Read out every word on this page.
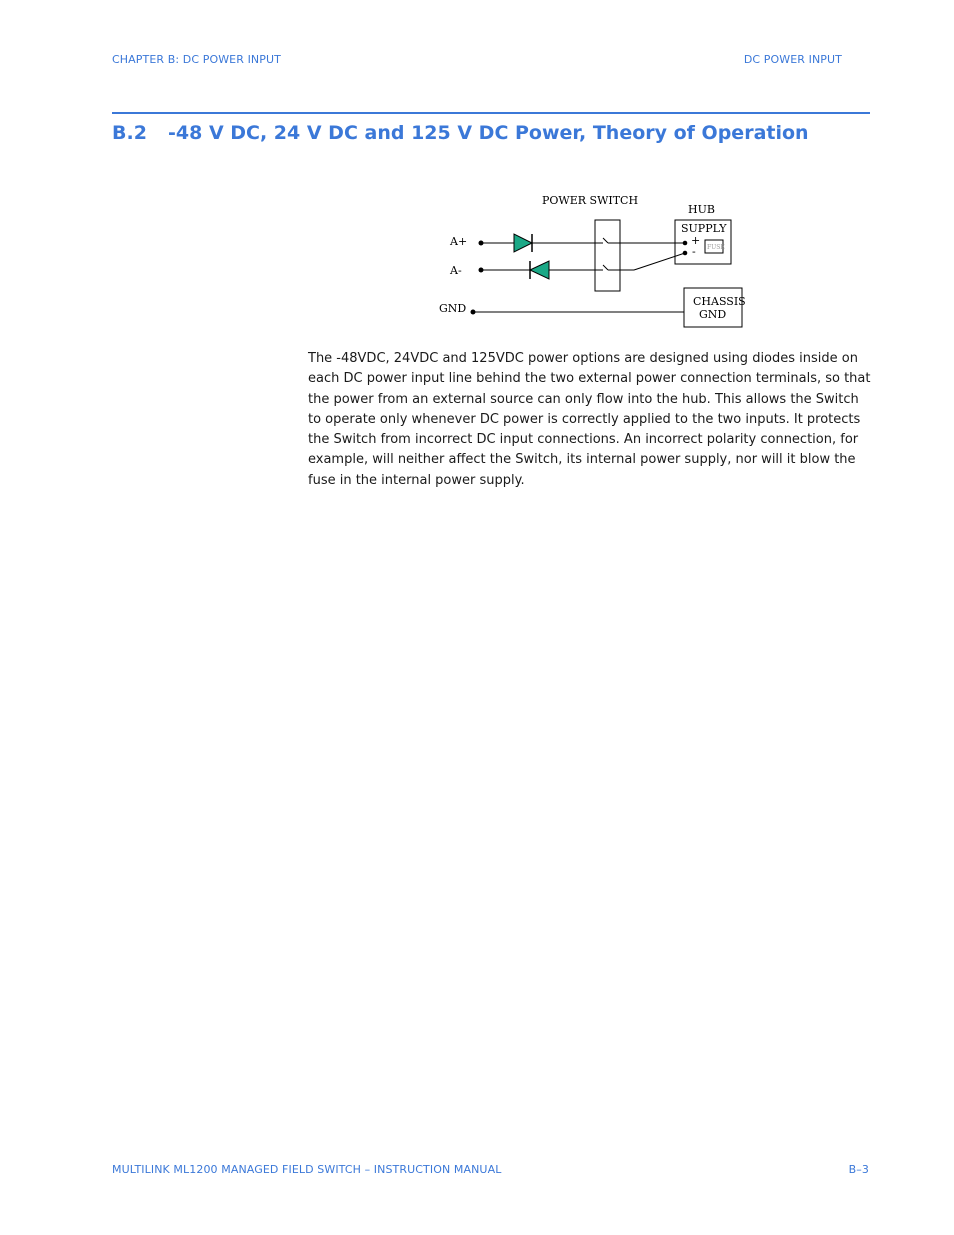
CHAPTER B: DC POWER INPUT	DC POWER INPUT
B.2 -48 V DC, 24 V DC and 125 V DC Power, Theory of Operation
POWER SWITCH
A+
A-
GND
HUB
SUPPLY
+
- FUSE
CHASSIS
GND
The -48VDC, 24VDC and 125VDC power options are designed using diodes inside on each DC power input line behind the two external power connection terminals, so that the power from an external source can only flow into the hub. This allows the Switch to operate only whenever DC power is correctly applied to the two inputs. It protects the Switch from incorrect DC input connections. An incorrect polarity connection, for example, will neither affect the Switch, its internal power supply, nor will it blow the fuse in the internal power supply.
MULTILINK ML1200 MANAGED FIELD SWITCH – INSTRUCTION MANUAL	B–3
